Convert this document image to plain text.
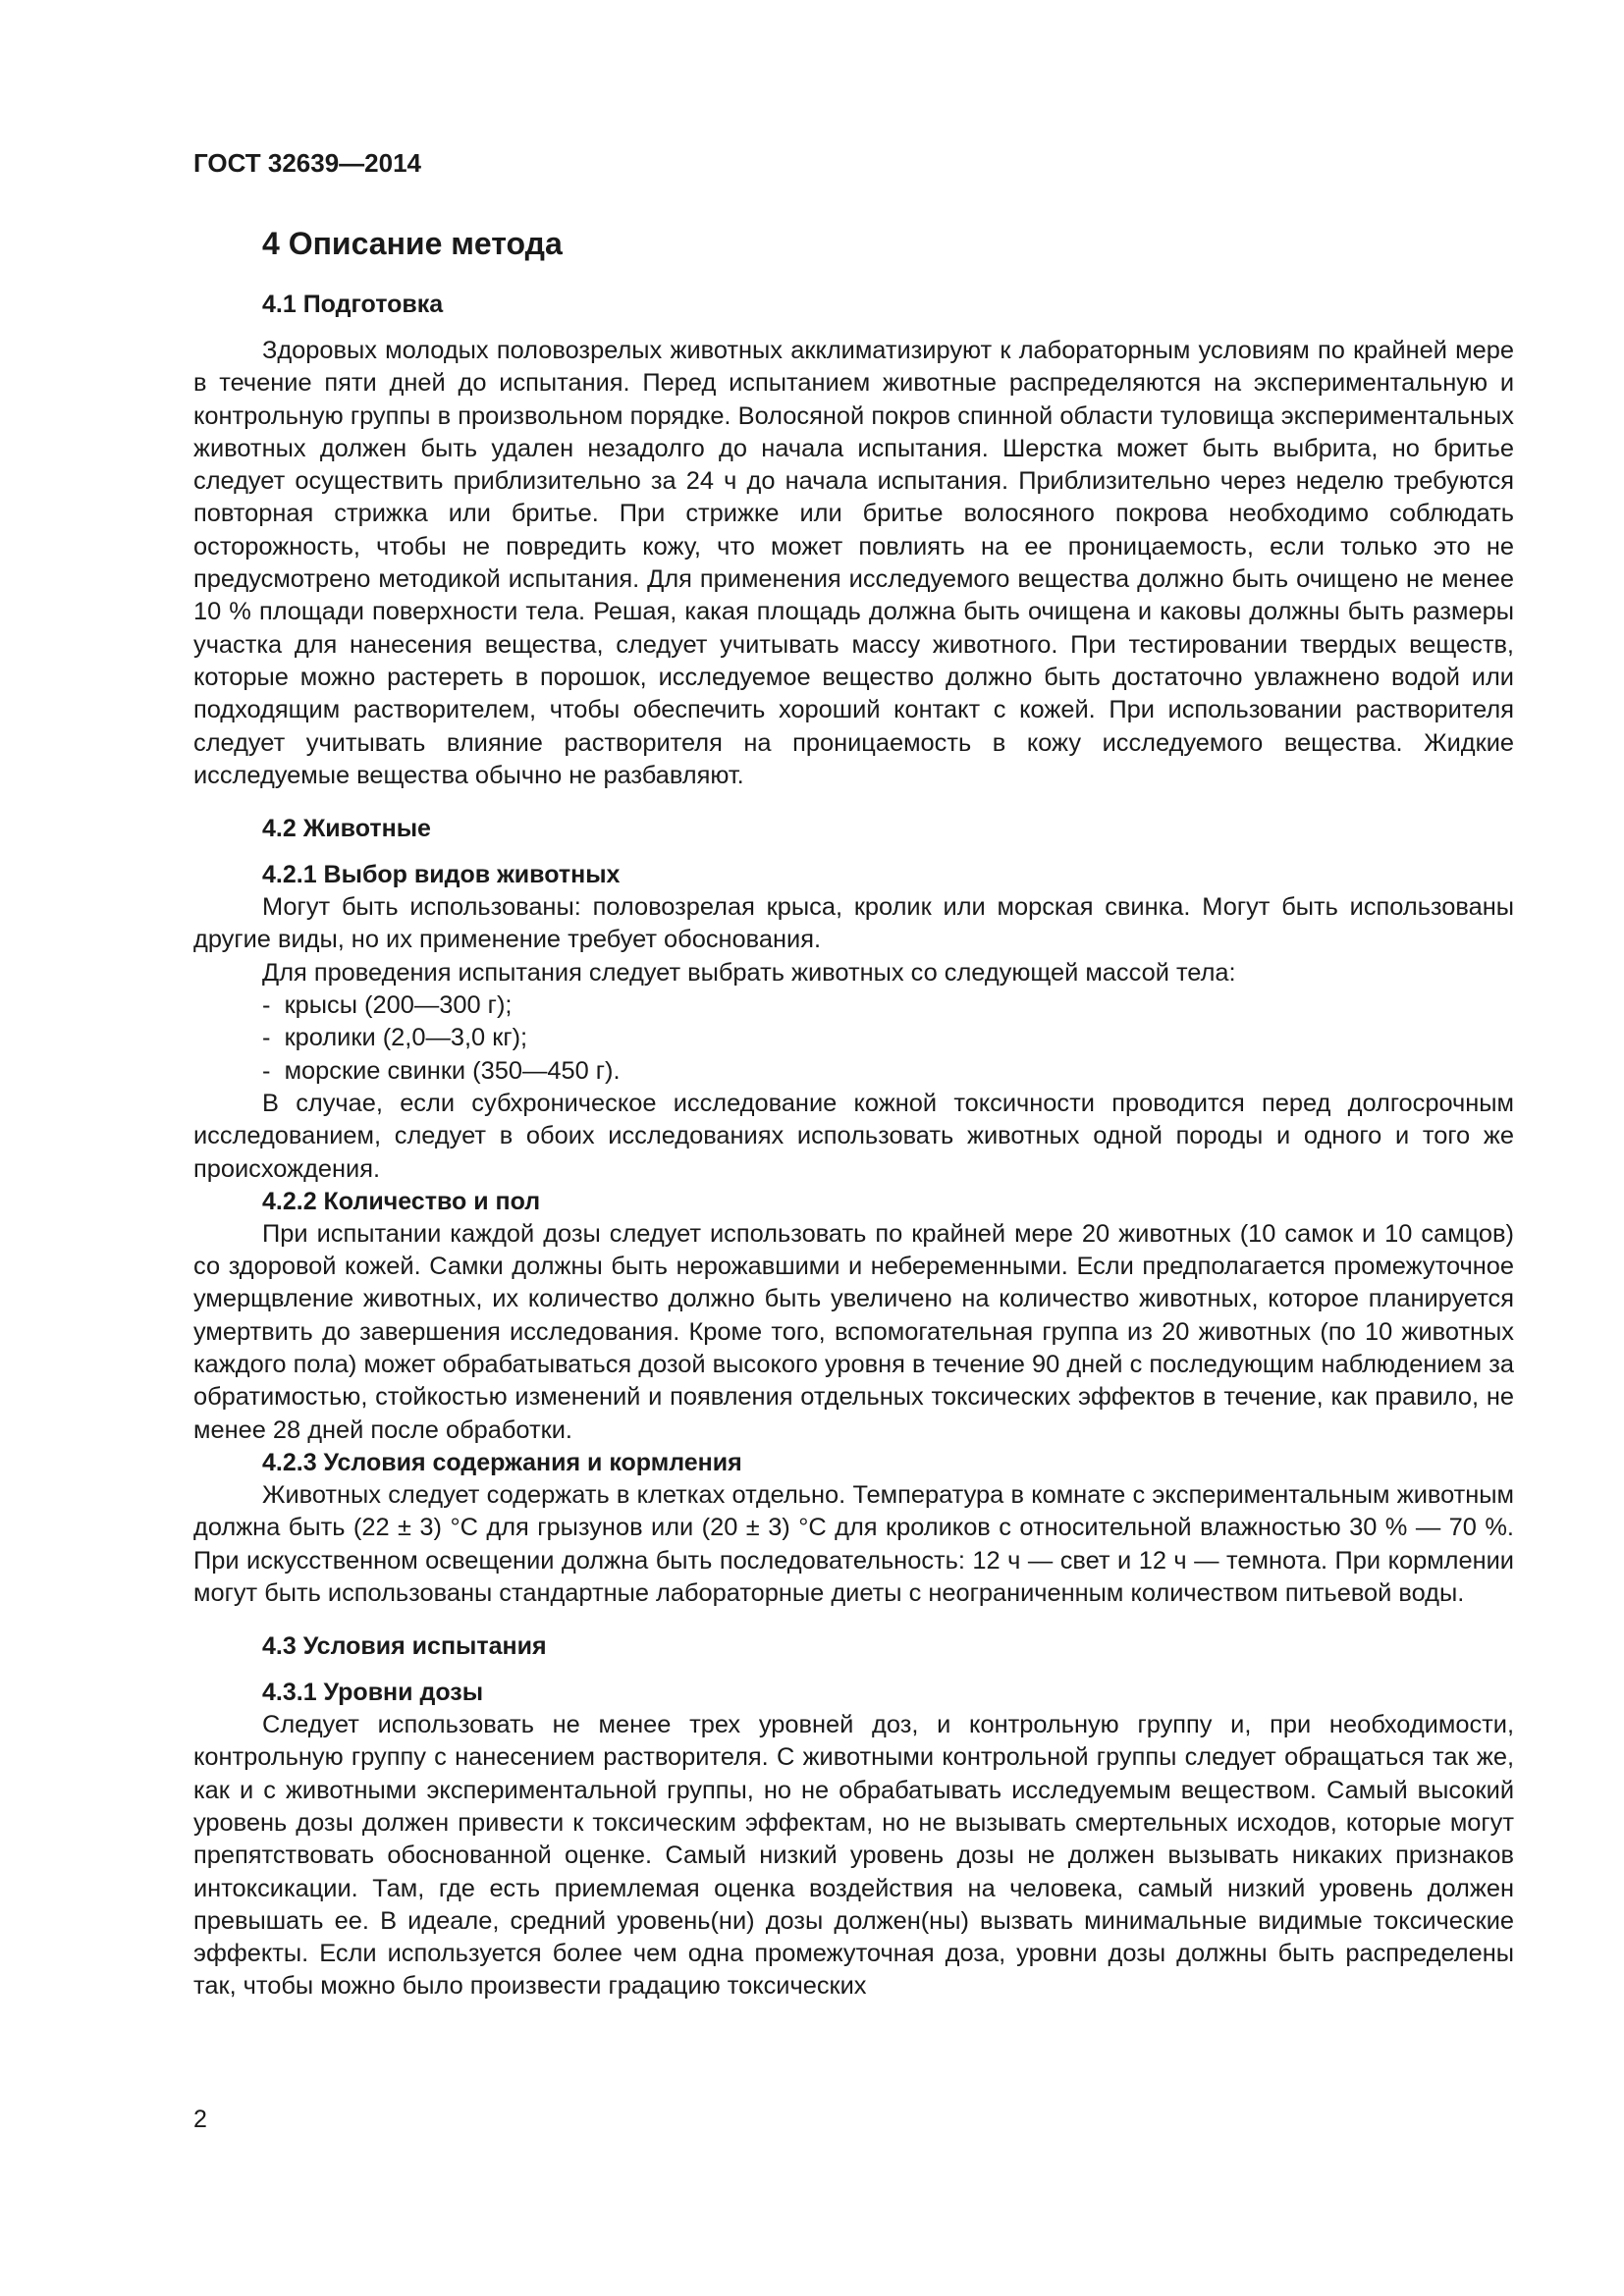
ГОСТ 32639—2014
4 Описание метода
4.1 Подготовка

Здоровых молодых половозрелых животных акклиматизируют к лабораторным условиям по крайней мере в течение пяти дней до испытания. Перед испытанием животные распределяются на экспериментальную и контрольную группы в произвольном порядке. Волосяной покров спинной области туловища экспериментальных животных должен быть удален незадолго до начала испытания. Шерстка может быть выбрита, но бритье следует осуществить приблизительно за 24 ч до начала испытания. Приблизительно через неделю требуются повторная стрижка или бритье. При стрижке или бритье волосяного покрова необходимо соблюдать осторожность, чтобы не повредить кожу, что может повлиять на ее проницаемость, если только это не предусмотрено методикой испытания. Для применения исследуемого вещества должно быть очищено не менее 10 % площади поверхности тела. Решая, какая площадь должна быть очищена и каковы должны быть размеры участка для нанесения вещества, следует учитывать массу животного. При тестировании твердых веществ, которые можно растереть в порошок, исследуемое вещество должно быть достаточно увлажнено водой или подходящим растворителем, чтобы обеспечить хороший контакт с кожей. При использовании растворителя следует учитывать влияние растворителя на проницаемость в кожу исследуемого вещества. Жидкие исследуемые вещества обычно не разбавляют.

4.2 Животные
4.2.1 Выбор видов животных

Могут быть использованы: половозрелая крыса, кролик или морская свинка. Могут быть использованы другие виды, но их применение требует обоснования.

Для проведения испытания следует выбрать животных со следующей массой тела:

-  крысы (200—300 г);
-  кролики (2,0—3,0 кг);
-  морские свинки (350—450 г).

В случае, если субхроническое исследование кожной токсичности проводится перед долгосрочным исследованием, следует в обоих исследованиях использовать животных одной породы и одного и того же происхождения.

4.2.2 Количество и пол

При испытании каждой дозы следует использовать по крайней мере 20 животных (10 самок и 10 самцов) со здоровой кожей. Самки должны быть нерожавшими и небеременными. Если предполагается промежуточное умерщвление животных, их количество должно быть увеличено на количество животных, которое планируется умертвить до завершения исследования. Кроме того, вспомогательная группа из 20 животных (по 10 животных каждого пола) может обрабатываться дозой высокого уровня в течение 90 дней с последующим наблюдением за обратимостью, стойкостью изменений и появления отдельных токсических эффектов в течение, как правило, не менее 28 дней после обработки.

4.2.3 Условия содержания и кормления

Животных следует содержать в клетках отдельно. Температура в комнате с экспериментальным животным должна быть (22 ± 3) °С для грызунов или (20 ± 3) °С для кроликов с относительной влажностью 30 % — 70 %. При искусственном освещении должна быть последовательность: 12 ч — свет и 12 ч — темнота. При кормлении могут быть использованы стандартные лабораторные диеты с неограниченным количеством питьевой воды.

4.3 Условия испытания
4.3.1 Уровни дозы

Следует использовать не менее трех уровней доз, и контрольную группу и, при необходимости, контрольную группу с нанесением растворителя. С животными контрольной группы следует обращаться так же, как и с животными экспериментальной группы, но не обрабатывать исследуемым веществом. Самый высокий уровень дозы должен привести к токсическим эффектам, но не вызывать смертельных исходов, которые могут препятствовать обоснованной оценке. Самый низкий уровень дозы не должен вызывать никаких признаков интоксикации. Там, где есть приемлемая оценка воздействия на человека, самый низкий уровень должен превышать ее. В идеале, средний уровень(ни) дозы должен(ны) вызвать минимальные видимые токсические эффекты. Если используется более чем одна промежуточная доза, уровни дозы должны быть распределены так, чтобы можно было произвести градацию токсических

2
